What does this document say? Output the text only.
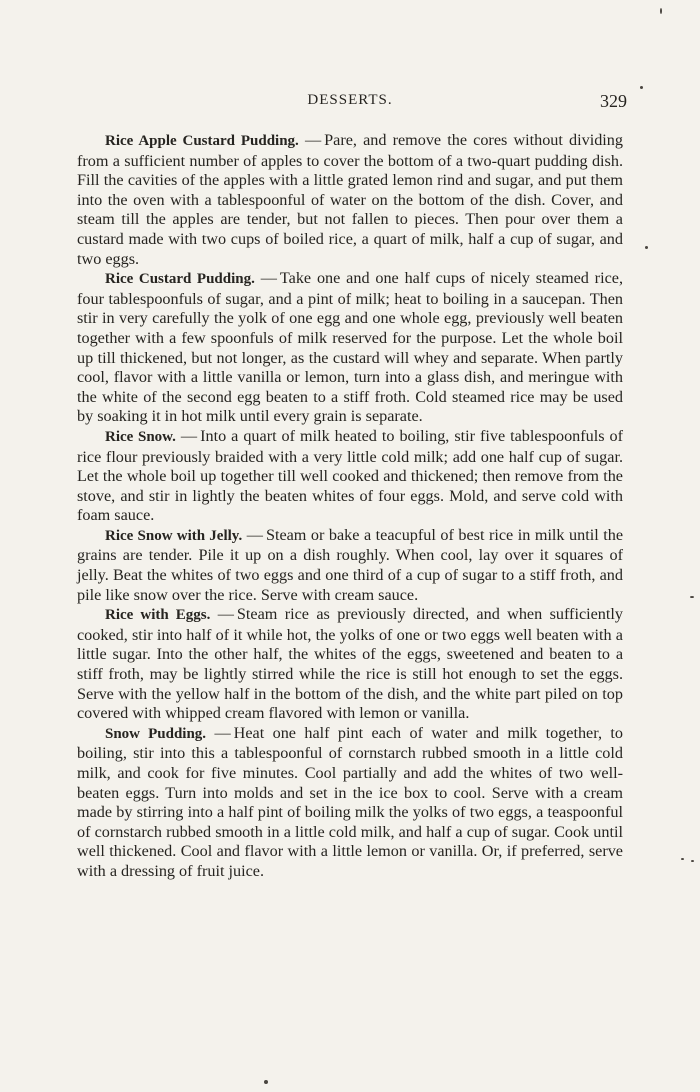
DESSERTS.	329

Rice Apple Custard Pudding. — Pare, and remove the cores without dividing from a sufficient number of apples to cover the bottom of a two-quart pudding dish. Fill the cavities of the apples with a little grated lemon rind and sugar, and put them into the oven with a tablespoonful of water on the bottom of the dish. Cover, and steam till the apples are tender, but not fallen to pieces. Then pour over them a custard made with two cups of boiled rice, a quart of milk, half a cup of sugar, and two eggs.

Rice Custard Pudding. — Take one and one half cups of nicely steamed rice, four tablespoonfuls of sugar, and a pint of milk; heat to boiling in a saucepan. Then stir in very carefully the yolk of one egg and one whole egg, previously well beaten together with a few spoonfuls of milk reserved for the purpose. Let the whole boil up till thickened, but not longer, as the custard will whey and separate. When partly cool, flavor with a little vanilla or lemon, turn into a glass dish, and meringue with the white of the second egg beaten to a stiff froth. Cold steamed rice may be used by soaking it in hot milk until every grain is separate.

Rice Snow. — Into a quart of milk heated to boiling, stir five tablespoonfuls of rice flour previously braided with a very little cold milk; add one half cup of sugar. Let the whole boil up together till well cooked and thickened; then remove from the stove, and stir in lightly the beaten whites of four eggs. Mold, and serve cold with foam sauce.

Rice Snow with Jelly. — Steam or bake a teacupful of best rice in milk until the grains are tender. Pile it up on a dish roughly. When cool, lay over it squares of jelly. Beat the whites of two eggs and one third of a cup of sugar to a stiff froth, and pile like snow over the rice. Serve with cream sauce.

Rice with Eggs. — Steam rice as previously directed, and when sufficiently cooked, stir into half of it while hot, the yolks of one or two eggs well beaten with a little sugar. Into the other half, the whites of the eggs, sweetened and beaten to a stiff froth, may be lightly stirred while the rice is still hot enough to set the eggs. Serve with the yellow half in the bottom of the dish, and the white part piled on top covered with whipped cream flavored with lemon or vanilla.

Snow Pudding. — Heat one half pint each of water and milk together, to boiling, stir into this a tablespoonful of cornstarch rubbed smooth in a little cold milk, and cook for five minutes. Cool partially and add the whites of two well-beaten eggs. Turn into molds and set in the ice box to cool. Serve with a cream made by stirring into a half pint of boiling milk the yolks of two eggs, a teaspoonful of cornstarch rubbed smooth in a little cold milk, and half a cup of sugar. Cook until well thickened. Cool and flavor with a little lemon or vanilla. Or, if preferred, serve with a dressing of fruit juice.
